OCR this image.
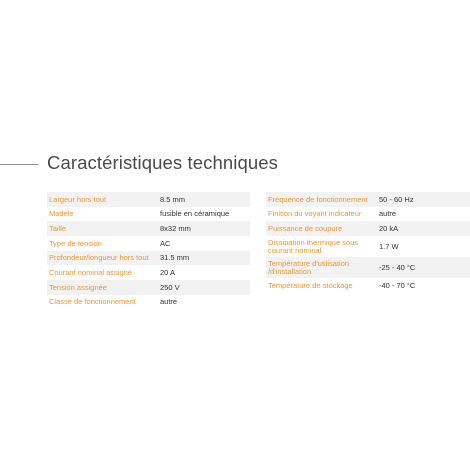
Caractéristiques techniques
Largeur hors tout	8.5 mm
Modèle	fusible en céramique
Taille	8x32 mm
Type de tension	AC
Profondeur/longueur hors tout	31.5 mm
Courant nominal assigné	20 A
Tension assignée	250 V
Classe de fonctionnement	autre
Fréquence de fonctionnement	50 - 60 Hz
Finition du voyant indicateur	autre
Puissance de coupure	20 kA
Dissipation thermique sous courant nominal	1.7 W
Température d'utilisation /d'installation	-25 - 40 °C
Température de stockage	-40 - 70 °C
